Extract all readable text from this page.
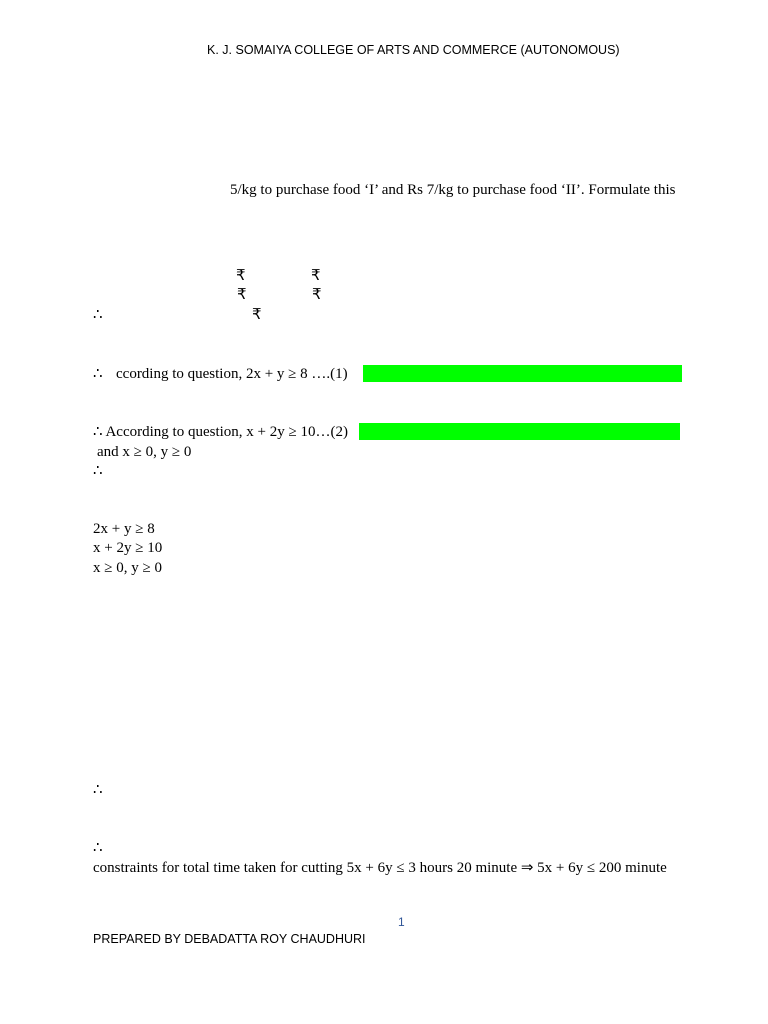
K. J. SOMAIYA COLLEGE OF ARTS AND COMMERCE (AUTONOMOUS)
5/kg to purchase food ‘I’ and Rs 7/kg to purchase food ‘II’. Formulate this
₹	₹
₹	₹
∴	₹
∴ ccording to question, 2x + y ≥ 8 ….(1)
∴ According to question, x + 2y ≥ 10…(2)
and x ≥ 0, y ≥ 0
∴
2x + y ≥ 8
x + 2y ≥ 10
x ≥ 0, y ≥ 0
∴
∴
constraints for total time taken for cutting 5x + 6y ≤ 3 hours 20 minute ⇒ 5x + 6y ≤ 200 minute
1
PREPARED BY DEBADATTA ROY CHAUDHURI
